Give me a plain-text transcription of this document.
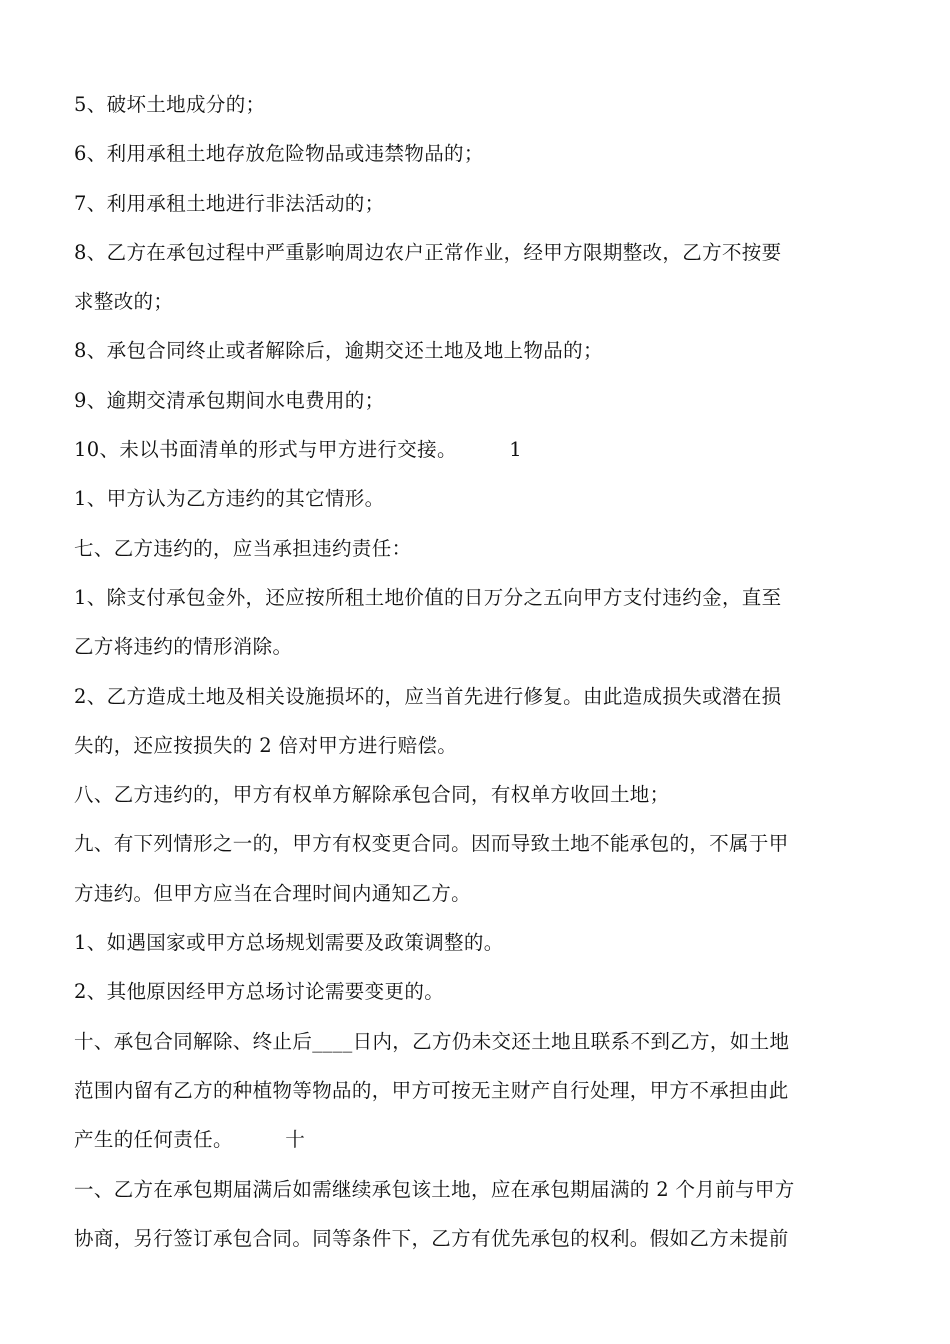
5、破坏土地成分的；
6、利用承租土地存放危险物品或违禁物品的；
7、利用承租土地进行非法活动的；
8、乙方在承包过程中严重影响周边农户正常作业，经甲方限期整改，乙方不按要
求整改的；
8、承包合同终止或者解除后，逾期交还土地及地上物品的；
9、逾期交清承包期间水电费用的；
10、未以书面清单的形式与甲方进行交接。        1
1、甲方认为乙方违约的其它情形。
七、乙方违约的，应当承担违约责任：
1、除支付承包金外，还应按所租土地价值的日万分之五向甲方支付违约金，直至
乙方将违约的情形消除。
2、乙方造成土地及相关设施损坏的，应当首先进行修复。由此造成损失或潜在损
失的，还应按损失的 2 倍对甲方进行赔偿。
八、乙方违约的，甲方有权单方解除承包合同，有权单方收回土地；
九、有下列情形之一的，甲方有权变更合同。因而导致土地不能承包的，不属于甲
方违约。但甲方应当在合理时间内通知乙方。
1、如遇国家或甲方总场规划需要及政策调整的。
2、其他原因经甲方总场讨论需要变更的。
十、承包合同解除、终止后____日内，乙方仍未交还土地且联系不到乙方，如土地
范围内留有乙方的种植物等物品的，甲方可按无主财产自行处理，甲方不承担由此
产生的任何责任。        十
一、乙方在承包期届满后如需继续承包该土地，应在承包期届满的 2 个月前与甲方
协商，另行签订承包合同。同等条件下，乙方有优先承包的权利。假如乙方未提前
